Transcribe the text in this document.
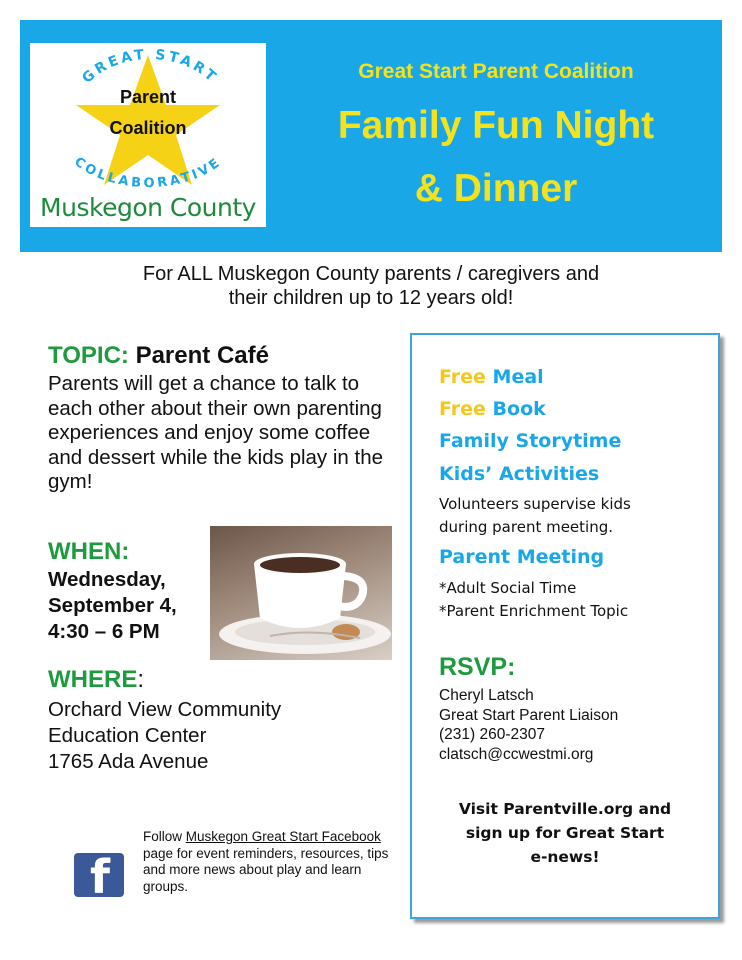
GREAT START
COLLABORATIVE
Parent
Coalition
Muskegon County
Great Start Parent Coalition
Family Fun Night
& Dinner
For ALL Muskegon County parents / caregivers and
their children up to 12 years old!
TOPIC: Parent Café
Parents will get a chance to talk to each other about their own parenting experiences and enjoy some coffee and dessert while the kids play in the gym!
WHEN:
Wednesday,
September 4,
4:30 – 6 PM
WHERE:
Orchard View Community
Education Center
1765 Ada Avenue
f
Follow Muskegon Great Start Facebook page for event reminders, resources, tips and more news about play and learn groups.
Free Meal
Free Book
Family Storytime
Kids’ Activities
Volunteers supervise kids
during parent meeting.
Parent Meeting
*Adult Social Time
*Parent Enrichment Topic
RSVP:
Cheryl Latsch
Great Start Parent Liaison
(231) 260-2307
clatsch@ccwestmi.org
Visit Parentville.org and
sign up for Great Start
e-news!
